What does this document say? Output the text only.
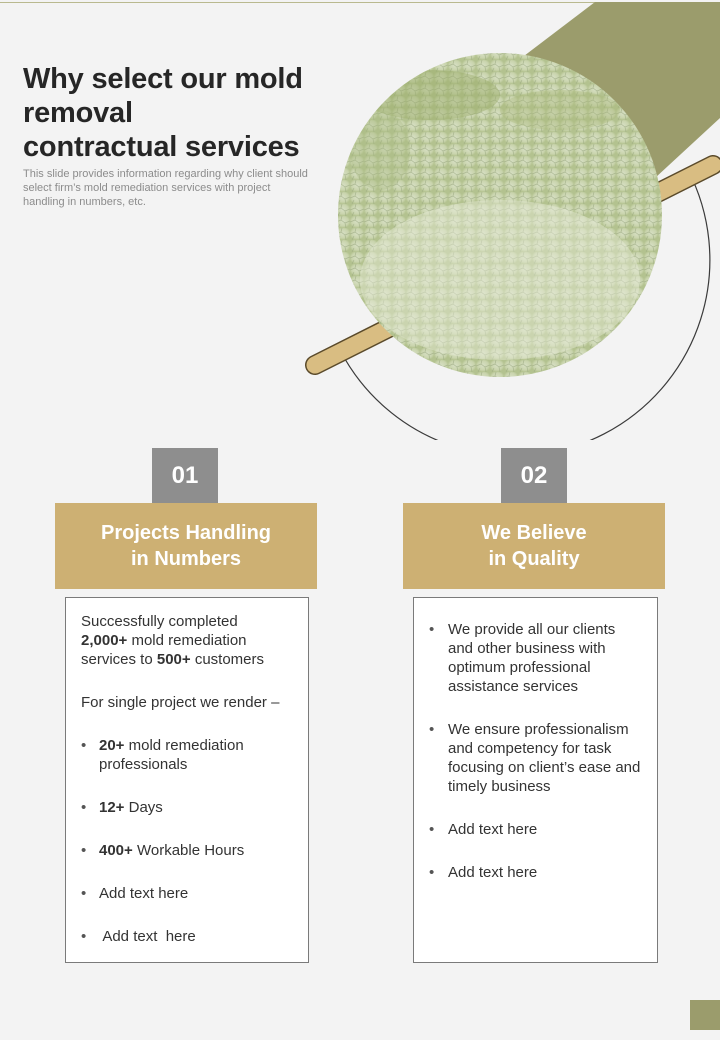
Why select our mold
removal
contractual services

This slide provides information regarding why client should select firm’s mold remediation services with project handling in numbers, etc.

01
Projects Handling
in Numbers

Successfully completed
2,000+ mold remediation services to 500+ customers

For single project we render –

• 20+ mold remediation professionals
• 12+ Days
• 400+ Workable Hours
• Add text here
•  Add text  here
02
We Believe
in Quality
• We provide all our clients and other business with optimum professional assistance services
• We ensure professionalism and competency for task focusing on client’s ease and timely business
• Add text here
• Add text here
